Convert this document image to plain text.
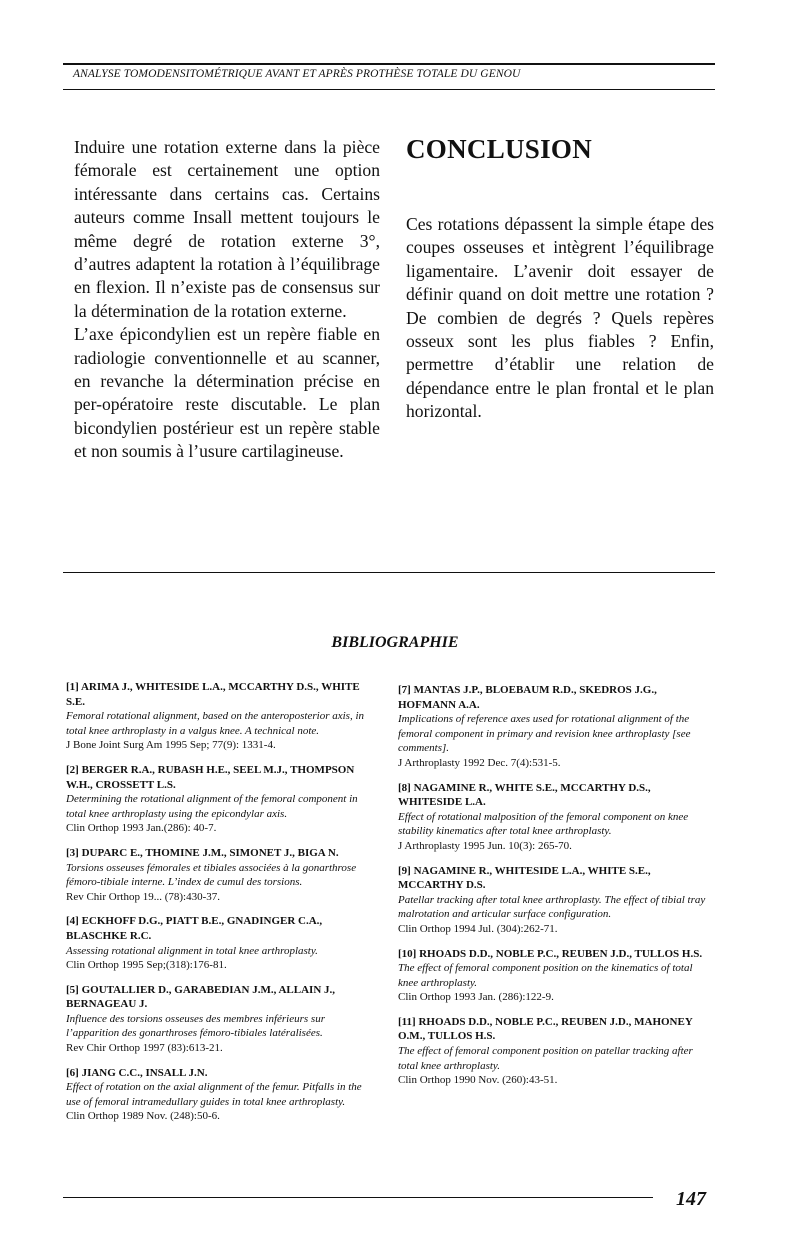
ANALYSE TOMODENSITOMÉTRIQUE AVANT ET APRÈS PROTHÈSE TOTALE DU GENOU

Induire une rotation externe dans la pièce fémorale est certainement une option intéressante dans certains cas. Certains auteurs comme Insall mettent toujours le même degré de rotation externe 3°, d’autres adaptent la rotation à l’équilibrage en flexion. Il n’existe pas de consensus sur la détermination de la rotation externe.

L’axe épicondylien est un repère fiable en radiologie conventionnelle et au scanner, en revanche la détermination précise en per-opératoire reste discutable. Le plan bicondylien postérieur est un repère stable et non soumis à l’usure cartilagineuse.

CONCLUSION

Ces rotations dépassent la simple étape des coupes osseuses et intègrent l’équilibrage ligamentaire. L’avenir doit essayer de définir quand on doit mettre une rotation ? De combien de degrés ? Quels repères osseux sont les plus fiables ? Enfin, permettre d’établir une relation de dépendance entre le plan frontal et le plan horizontal.

BIBLIOGRAPHIE
[1] ARIMA J., WHITESIDE L.A., MCCARTHY D.S., WHITE S.E.
Femoral rotational alignment, based on the anteroposterior axis, in total knee arthroplasty in a valgus knee. A technical note.
J Bone Joint Surg Am 1995 Sep; 77(9): 1331-4.
[2] BERGER R.A., RUBASH H.E., SEEL M.J., THOMPSON W.H., CROSSETT L.S.
Determining the rotational alignment of the femoral component in total knee arthroplasty using the epicondylar axis.
Clin Orthop 1993 Jan.(286): 40-7.
[3] DUPARC E., THOMINE J.M., SIMONET J., BIGA N.
Torsions osseuses fémorales et tibiales associées à la gonarthrose fémoro-tibiale interne. L’index de cumul des torsions.
Rev Chir Orthop 19... (78):430-37.
[4] ECKHOFF D.G., PIATT B.E., GNADINGER C.A., BLASCHKE R.C.
Assessing rotational alignment in total knee arthroplasty.
Clin Orthop 1995 Sep;(318):176-81.
[5] GOUTALLIER D., GARABEDIAN J.M., ALLAIN J., BERNAGEAU J.
Influence des torsions osseuses des membres inférieurs sur l’apparition des gonarthroses fémoro-tibiales latéralisées.
Rev Chir Orthop 1997 (83):613-21.
[6] JIANG C.C., INSALL J.N.
Effect of rotation on the axial alignment of the femur. Pitfalls in the use of femoral intramedullary guides in total knee arthroplasty.
Clin Orthop 1989 Nov. (248):50-6.
[7] MANTAS J.P., BLOEBAUM R.D., SKEDROS J.G., HOFMANN A.A.
Implications of reference axes used for rotational alignment of the femoral component in primary and revision knee arthroplasty [see comments].
J Arthroplasty 1992 Dec. 7(4):531-5.
[8] NAGAMINE R., WHITE S.E., MCCARTHY D.S., WHITESIDE L.A.
Effect of rotational malposition of the femoral component on knee stability kinematics after total knee arthroplasty.
J Arthroplasty 1995 Jun. 10(3): 265-70.
[9] NAGAMINE R., WHITESIDE L.A., WHITE S.E., MCCARTHY D.S.
Patellar tracking after total knee arthroplasty. The effect of tibial tray malrotation and articular surface configuration.
Clin Orthop 1994 Jul. (304):262-71.
[10] RHOADS D.D., NOBLE P.C., REUBEN J.D., TULLOS H.S.
The effect of femoral component position on the kinematics of total knee arthroplasty.
Clin Orthop 1993 Jan. (286):122-9.
[11] RHOADS D.D., NOBLE P.C., REUBEN J.D., MAHONEY O.M., TULLOS H.S.
The effect of femoral component position on patellar tracking after total knee arthroplasty.
Clin Orthop 1990 Nov. (260):43-51.
147
